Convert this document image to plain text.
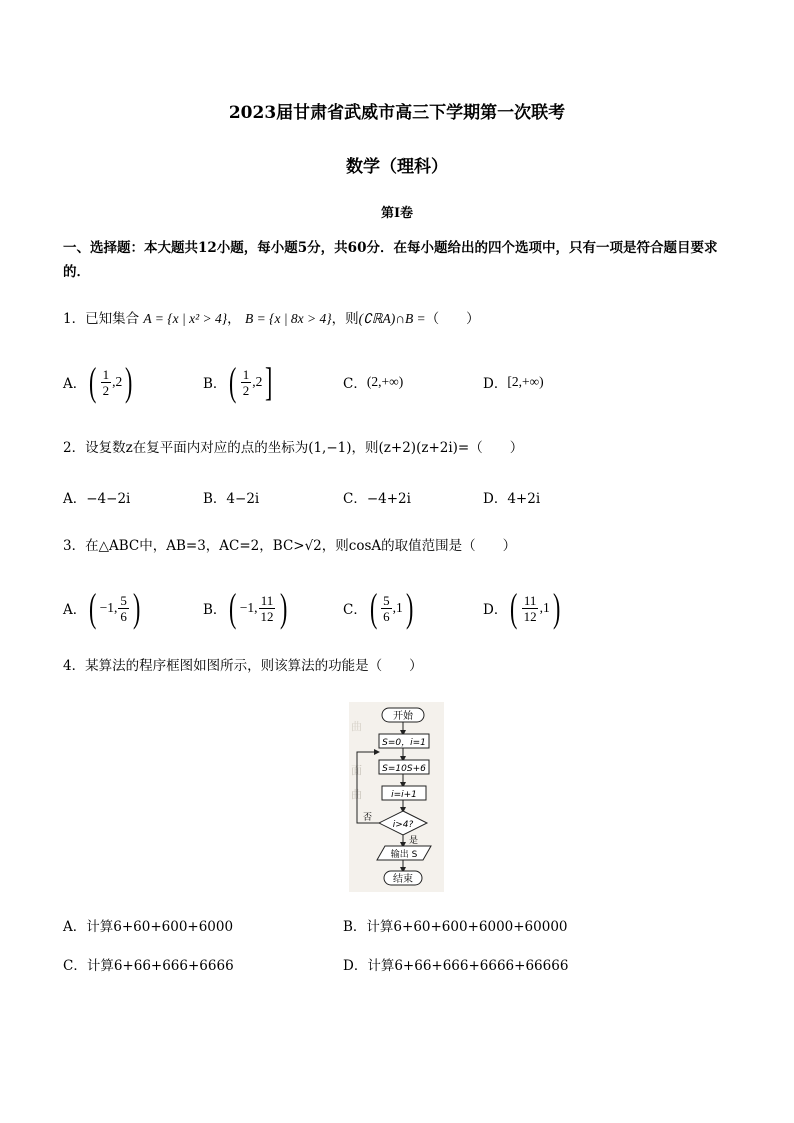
2023届甘肃省武威市高三下学期第一次联考
数学（理科）
第Ⅰ卷
一、选择题：本大题共12小题，每小题5分，共60分．在每小题给出的四个选项中，只有一项是符合题目要求的．
1．已知集合 A = {x | x² > 4}， B = {x | 8x > 4}，则(∁ℝA)∩B =（　　）
A． ( $\frac{1}{2} ,2$ )	B． ( $\frac{1}{2} ,2$ ]	C． (2,+∞)	D． [2,+∞)
2．设复数z在复平面内对应的点的坐标为(1,−1)，则(z+2)(z+2i)=（　　）
A．−4−2i	B．4−2i	C．−4+2i	D．4+2i
3．在△ABC中，AB=3，AC=2，BC>√2，则cosA的取值范围是（　　）
A． ( −1, $\frac{5}{6}$ )	B． ( −1, $\frac{11}{12}$ )	C． ( $\frac{5}{6} ,1$ )	D． ( $\frac{11}{12} ,1$ )
4．某算法的程序框图如图所示，则该算法的功能是（　　）
面
曲
曲
开始
S=0，i=1
S=10S+6
i=i+1
i>4?
否
是
输出 S
结束
A．计算6+60+600+6000	B．计算6+60+600+6000+60000
C．计算6+66+666+6666	D．计算6+66+666+6666+66666
